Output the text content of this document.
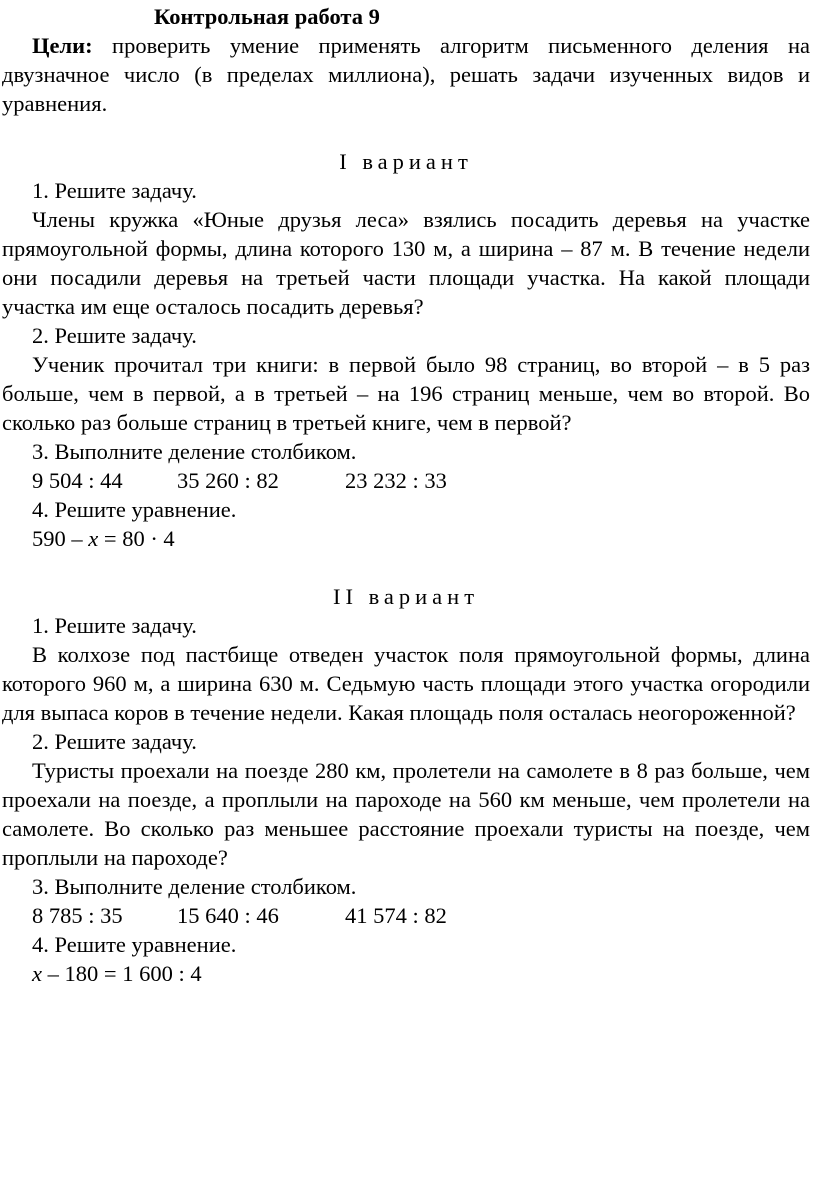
Контрольная работа 9

Цели: проверить умение применять алгоритм письменного деления на двузначное число (в пределах миллиона), решать задачи изученных видов и уравнения.

I вариант

1. Решите задачу.

Члены кружка «Юные друзья леса» взялись посадить деревья на участке прямоугольной формы, длина которого 130 м, а ширина – 87 м. В течение недели они посадили деревья на третьей части площади участка. На какой площади участка им еще осталось посадить деревья?

2. Решите задачу.

Ученик прочитал три книги: в первой было 98 страниц, во второй – в 5 раз больше, чем в первой, а в третьей – на 196 страниц меньше, чем во второй. Во сколько раз больше страниц в третьей книге, чем в первой?

3. Выполните деление столбиком.

9 504 : 44 35 260 : 82	23 232 : 33

4. Решите уравнение.

590 – x = 80 · 4

II вариант

1. Решите задачу.

В колхозе под пастбище отведен участок поля прямоугольной формы, длина которого 960 м, а ширина 630 м. Седьмую часть площади этого участка огородили для выпаса коров в течение недели. Какая площадь поля осталась неогороженной?

2. Решите задачу.

Туристы проехали на поезде 280 км, пролетели на самолете в 8 раз больше, чем проехали на поезде, а проплыли на пароходе на 560 км меньше, чем пролетели на самолете. Во сколько раз меньшее расстояние проехали туристы на поезде, чем проплыли на пароходе?

3. Выполните деление столбиком.

8 785 : 35 15 640 : 46	41 574 : 82

4. Решите уравнение.

x – 180 = 1 600 : 4
